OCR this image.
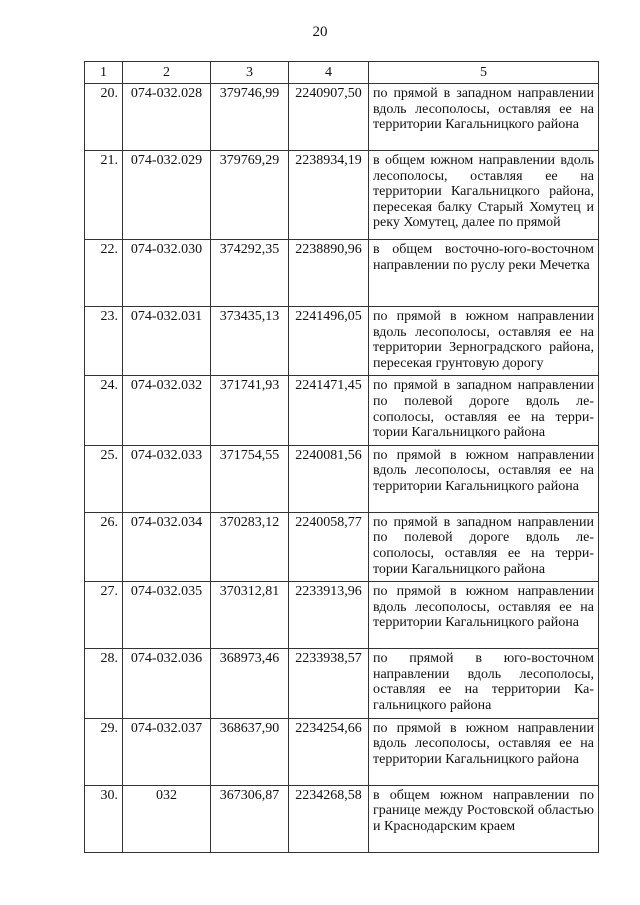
20
1	2	3	4	5
20.	074-032.028	379746,99	2240907,50	по прямой в западном направлении вдоль лесополосы, оставляя ее на территории Кагальницкого района
21.	074-032.029	379769,29	2238934,19	в общем южном направлении вдоль лесополосы, оставляя ее на территории Кагальницкого района, пересекая балку Старый Хомутец и реку Хомутец, далее по прямой
22.	074-032.030	374292,35	2238890,96	в общем восточно-юго-восточном направлении по руслу реки Мечетка
23.	074-032.031	373435,13	2241496,05	по прямой в южном направлении вдоль лесополосы, оставляя ее на территории Зерноградского района, пересекая грунтовую дорогу
24.	074-032.032	371741,93	2241471,45	по прямой в западном направлении по полевой дороге вдоль лесополосы, оставляя ее на территории Кагальницкого района
25.	074-032.033	371754,55	2240081,56	по прямой в южном направлении вдоль лесополосы, оставляя ее на территории Кагальницкого района
26.	074-032.034	370283,12	2240058,77	по прямой в западном направлении по полевой дороге вдоль лесополосы, оставляя ее на территории Кагальницкого района
27.	074-032.035	370312,81	2233913,96	по прямой в южном направлении вдоль лесополосы, оставляя ее на территории Кагальницкого района
28.	074-032.036	368973,46	2233938,57	по прямой в юго-восточном направлении вдоль лесополосы, оставляя ее на территории Кагальницкого района
29.	074-032.037	368637,90	2234254,66	по прямой в южном направлении вдоль лесополосы, оставляя ее на территории Кагальницкого района
30.	032	367306,87	2234268,58	в общем южном направлении по границе между Ростовской областью и Краснодарским краем
